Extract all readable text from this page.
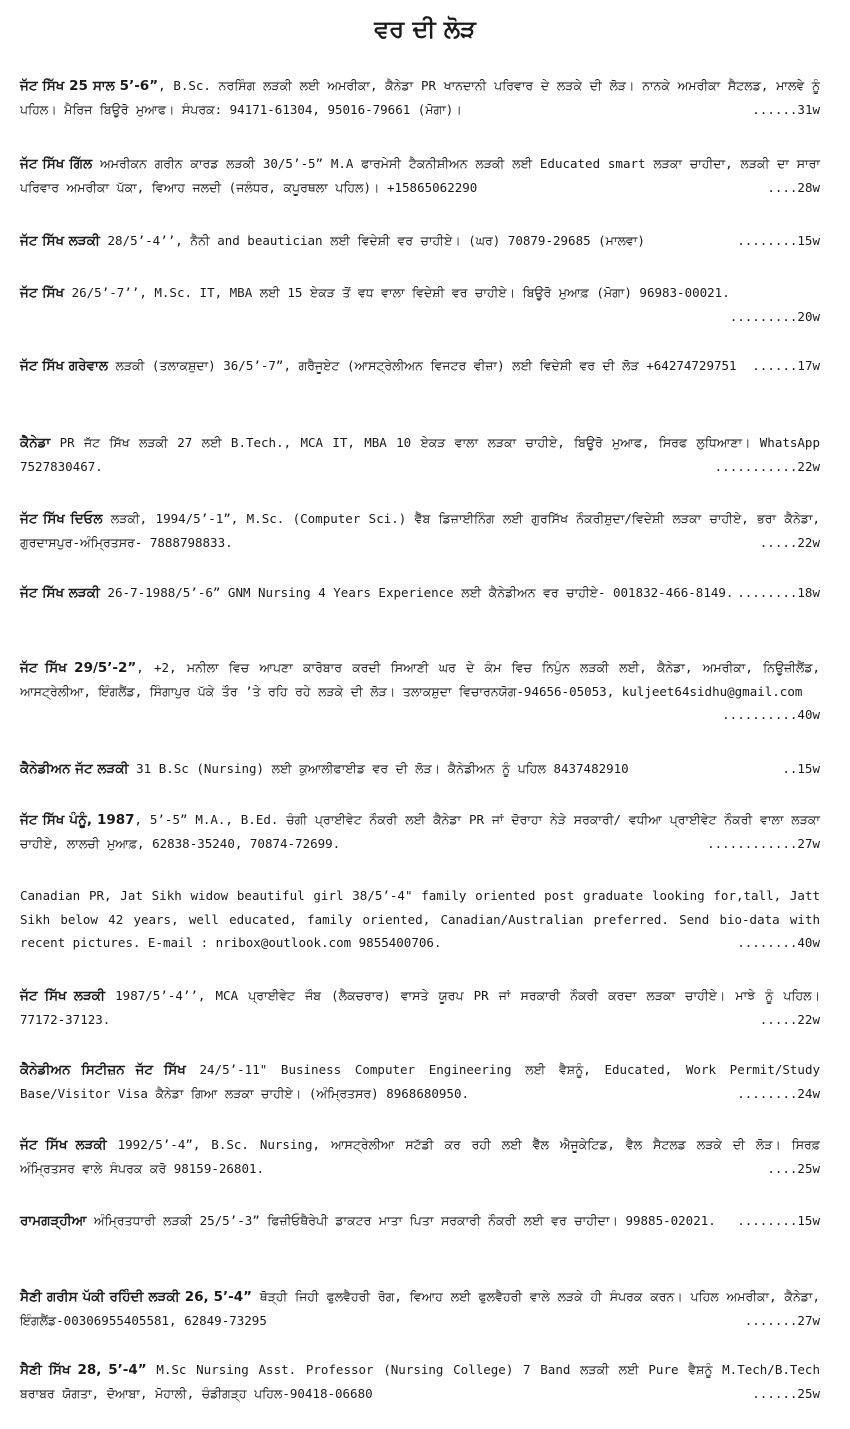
ਵਰ ਦੀ ਲੋੜ
ਜੱਟ ਸਿੱਖ 25 ਸਾਲ 5’-6”, B.Sc. ਨਰਸਿੰਗ ਲੜਕੀ ਲਈ ਅਮਰੀਕਾ, ਕੈਨੇਡਾ PR ਖਾਨਦਾਨੀ ਪਰਿਵਾਰ ਦੇ ਲੜਕੇ ਦੀ ਲੋੜ। ਨਾਨਕੇ ਅਮਰੀਕਾ ਸੈਟਲਡ, ਮਾਲਵੇ ਨੂੰ ਪਹਿਲ। ਮੈਰਿਜ ਬਿਊਰੋ ਮੁਆਫ। ਸੰਪਰਕ: 94171-61304, 95016-79661 (ਮੋਗਾ)।	......31w
ਜੱਟ ਸਿੱਖ ਗਿੱਲ ਅਮਰੀਕਨ ਗਰੀਨ ਕਾਰਡ ਲੜਕੀ 30/5’-5” M.A ਫਾਰਮੇਸੀ ਟੈਕਨੀਸ਼ੀਅਨ ਲੜਕੀ ਲਈ Educated smart ਲੜਕਾ ਚਾਹੀਦਾ, ਲੜਕੀ ਦਾ ਸਾਰਾ ਪਰਿਵਾਰ ਅਮਰੀਕਾ ਪੱਕਾ, ਵਿਆਹ ਜਲਦੀ (ਜਲੰਧਰ, ਕਪੂਰਥਲਾ ਪਹਿਲ)। +15865062290	....28w
ਜੱਟ ਸਿੱਖ ਲੜਕੀ 28/5’-4’’, ਨੈਨੀ and beautician ਲਈ ਵਿਦੇਸ਼ੀ ਵਰ ਚਾਹੀਏ। (ਘਰ) 70879-29685 (ਮਾਲਵਾ)	........15w
ਜੱਟ ਸਿੱਖ 26/5’-7’’, M.Sc. IT, MBA ਲਈ 15 ਏਕੜ ਤੋਂ ਵਧ ਵਾਲਾ ਵਿਦੇਸ਼ੀ ਵਰ ਚਾਹੀਏ। ਬਿਊਰੋ ਮੁਆਫ਼ (ਮੋਗਾ) 96983-00021.
.........20w
ਜੱਟ ਸਿੱਖ ਗਰੇਵਾਲ ਲੜਕੀ (ਤਲਾਕਸ਼ੁਦਾ) 36/5’-7”, ਗਰੈਜੂਏਟ (ਆਸਟ੍ਰੇਲੀਅਨ ਵਿਜਟਰ ਵੀਜ਼ਾ) ਲਈ ਵਿਦੇਸ਼ੀ ਵਰ ਦੀ ਲੋੜ +64274729751 ......17w
ਕੈਨੇਡਾ PR ਜੱਟ ਸਿੱਖ ਲੜਕੀ 27 ਲਈ B.Tech., MCA IT, MBA 10 ਏਕੜ ਵਾਲਾ ਲੜਕਾ ਚਾਹੀਏ, ਬਿਊਰੋ ਮੁਆਫ, ਸਿਰਫ ਲੁਧਿਆਣਾ। WhatsApp 7527830467.	...........22w
ਜੱਟ ਸਿੱਖ ਦਿਓਲ ਲੜਕੀ, 1994/5’-1”, M.Sc. (Computer Sci.) ਵੈੱਬ ਡਿਜ਼ਾਈਨਿੰਗ ਲਈ ਗੁਰਸਿੱਖ ਨੌਕਰੀਸ਼ੁਦਾ/ਵਿਦੇਸ਼ੀ ਲੜਕਾ ਚਾਹੀਏ, ਭਰਾ ਕੈਨੇਡਾ, ਗੁਰਦਾਸਪੁਰ-ਅੰਮ੍ਰਿਤਸਰ- 7888798833.	.....22w
ਜੱਟ ਸਿੱਖ ਲੜਕੀ 26-7-1988/5’-6” GNM Nursing 4 Years Experience ਲਈ ਕੈਨੇਡੀਅਨ ਵਰ ਚਾਹੀਏ- 001832-466-8149. ........18w
ਜੱਟ ਸਿੱਖ 29/5’-2”, +2, ਮਨੀਲਾ ਵਿਚ ਆਪਣਾ ਕਾਰੋਬਾਰ ਕਰਦੀ ਸਿਆਣੀ ਘਰ ਦੇ ਕੰਮ ਵਿਚ ਨਿਪੁੰਨ ਲੜਕੀ ਲਈ, ਕੈਨੇਡਾ, ਅਮਰੀਕਾ, ਨਿਊਜ਼ੀਲੈਂਡ, ਆਸਟ੍ਰੇਲੀਆ, ਇੰਗਲੈਂਡ, ਸਿੰਗਾਪੁਰ ਪੱਕੇ ਤੌਰ ’ਤੇ ਰਹਿ ਰਹੇ ਲੜਕੇ ਦੀ ਲੋੜ। ਤਲਾਕਸ਼ੁਦਾ ਵਿਚਾਰਨਯੋਗ-94656-05053, kuljeet64sidhu@gmail.com
..........40w
ਕੈਨੇਡੀਅਨ ਜੱਟ ਲੜਕੀ 31 B.Sc (Nursing) ਲਈ ਕੁਆਲੀਫਾਈਡ ਵਰ ਦੀ ਲੋੜ। ਕੈਨੇਡੀਅਨ ਨੂੰ ਪਹਿਲ 8437482910	..15w
ਜੱਟ ਸਿੱਖ ਪੰਨੂੰ, 1987, 5’-5” M.A., B.Ed. ਚੰਗੀ ਪ੍ਰਾਈਵੇਟ ਨੌਕਰੀ ਲਈ ਕੈਨੇਡਾ PR ਜਾਂ ਦੋਰਾਹਾ ਨੇੜੇ ਸਰਕਾਰੀ/ ਵਧੀਆ ਪ੍ਰਾਈਵੇਟ ਨੌਕਰੀ ਵਾਲਾ ਲੜਕਾ ਚਾਹੀਏ, ਲਾਲਚੀ ਮੁਆਫ਼, 62838-35240, 70874-72699.	............27w
Canadian PR, Jat Sikh widow beautiful girl 38/5’-4" family oriented post graduate looking for,tall, Jatt Sikh below 42 years, well educated, family oriented, Canadian/Australian preferred. Send bio-data with recent pictures. E-mail : nribox@outlook.com 9855400706.	........40w
ਜੱਟ ਸਿੱਖ ਲੜਕੀ 1987/5’-4’’, MCA ਪ੍ਰਾਈਵੇਟ ਜੌਬ (ਲੈਕਚਰਾਰ) ਵਾਸਤੇ ਯੂਰਪ PR ਜਾਂ ਸਰਕਾਰੀ ਨੌਕਰੀ ਕਰਦਾ ਲੜਕਾ ਚਾਹੀਏ। ਮਾਝੇ ਨੂੰ ਪਹਿਲ। 77172-37123.	.....22w
ਕੈਨੇਡੀਅਨ ਸਿਟੀਜ਼ਨ ਜੱਟ ਸਿੱਖ 24/5’-11" Business Computer Engineering ਲਈ ਵੈਸ਼ਨੂੰ, Educated, Work Permit/Study Base/Visitor Visa ਕੈਨੇਡਾ ਗਿਆ ਲੜਕਾ ਚਾਹੀਏ। (ਅੰਮ੍ਰਿਤਸਰ) 8968680950.	........24w
ਜੱਟ ਸਿੱਖ ਲੜਕੀ 1992/5’-4”, B.Sc. Nursing, ਆਸਟ੍ਰੇਲੀਆ ਸਟੱਡੀ ਕਰ ਰਹੀ ਲਈ ਵੈੱਲ ਐਜੂਕੇਟਿਡ, ਵੈਲ ਸੈਟਲਡ ਲੜਕੇ ਦੀ ਲੋੜ। ਸਿਰਫ਼ ਅੰਮ੍ਰਿਤਸਰ ਵਾਲੇ ਸੰਪਰਕ ਕਰੋ 98159-26801.	....25w
ਰਾਮਗੜ੍ਹੀਆ ਅੰਮ੍ਰਿਤਧਾਰੀ ਲੜਕੀ 25/5’-3” ਫਿਜ਼ੀਓਥੈਰੇਪੀ ਡਾਕਟਰ ਮਾਤਾ ਪਿਤਾ ਸਰਕਾਰੀ ਨੌਕਰੀ ਲਈ ਵਰ ਚਾਹੀਦਾ। 99885-02021. ........15w
ਸੈਣੀ ਗਰੀਸ ਪੱਕੀ ਰਹਿੰਦੀ ਲੜਕੀ 26, 5’-4” ਥੋੜ੍ਹੀ ਜਿਹੀ ਫੁਲਵੈਹਰੀ ਰੋਗ, ਵਿਆਹ ਲਈ ਫੁਲਵੈਹਰੀ ਵਾਲੇ ਲੜਕੇ ਹੀ ਸੰਪਰਕ ਕਰਨ। ਪਹਿਲ ਅਮਰੀਕਾ, ਕੈਨੇਡਾ, ਇੰਗਲੈਂਡ-00306955405581, 62849-73295	.......27w
ਸੈਣੀ ਸਿੱਖ 28, 5’-4” M.Sc Nursing Asst. Professor (Nursing College) 7 Band ਲੜਕੀ ਲਈ Pure ਵੈਸ਼ਨੂੰ M.Tech/B.Tech ਬਰਾਬਰ ਯੋਗਤਾ, ਦੋਆਬਾ, ਮੋਹਾਲੀ, ਚੰਡੀਗੜ੍ਹ ਪਹਿਲ-90418-06680	......25w
